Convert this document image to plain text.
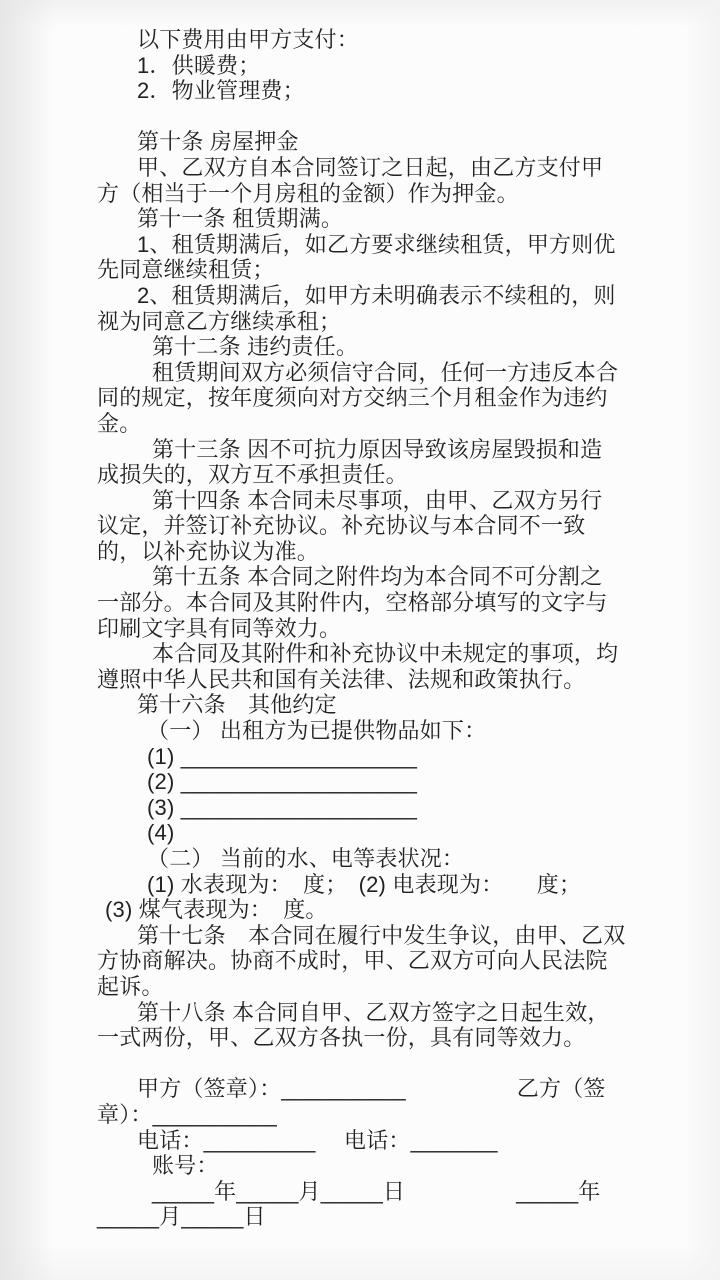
以下费用由甲方支付：
1．供暖费；
2．物业管理费；
第十条 房屋押金
甲、乙双方自本合同签订之日起，由乙方支付甲
方（相当于一个月房租的金额）作为押金。
第十一条 租赁期满。
1、租赁期满后，如乙方要求继续租赁，甲方则优
先同意继续租赁；
2、租赁期满后，如甲方未明确表示不续租的，则
视为同意乙方继续承租；
第十二条 违约责任。
租赁期间双方必须信守合同，任何一方违反本合
同的规定，按年度须向对方交纳三个月租金作为违约
金。
第十三条 因不可抗力原因导致该房屋毁损和造
成损失的，双方互不承担责任。
第十四条 本合同未尽事项，由甲、乙双方另行
议定，并签订补充协议。补充协议与本合同不一致
的，以补充协议为准。
第十五条 本合同之附件均为本合同不可分割之
一部分。本合同及其附件内，空格部分填写的文字与
印刷文字具有同等效力。
本合同及其附件和补充协议中未规定的事项，均
遵照中华人民共和国有关法律、法规和政策执行。
第十六条　其他约定
（一） 出租方为已提供物品如下：
(1) ___________________
(2) ___________________
(3) ___________________
(4)
（二） 当前的水、电等表状况：
(1) 水表现为：　度；　(2) 电表现为：　　度；
(3) 煤气表现为：　度。
第十七条　本合同在履行中发生争议，由甲、乙双
方协商解决。协商不成时，甲、乙双方可向人民法院
起诉。
第十八条 本合同自甲、乙双方签字之日起生效，
一式两份，甲、乙双方各执一份，具有同等效力。
甲方（签章）：__________　　　　　乙方（签
章）：__________
电话：_________　 电话：_______
账号：
_____年_____月_____日　　　　　_____年
_____月_____日
